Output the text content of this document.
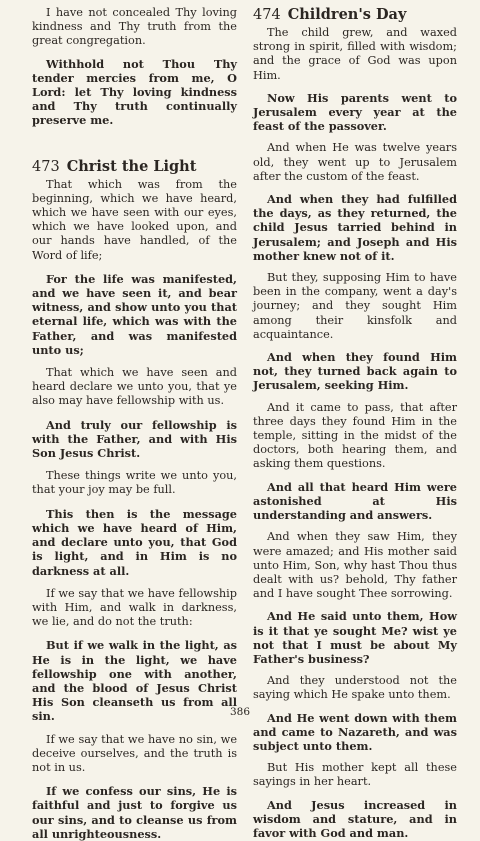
I have not concealed Thy loving kindness and Thy truth from the great congregation.

Withhold not Thou Thy tender mercies from me, O Lord: let Thy loving kindness and Thy truth continually preserve me.

473 Christ the Light

That which was from the beginning, which we have heard, which we have seen with our eyes, which we have looked upon, and our hands have handled, of the Word of life;

For the life was manifested, and we have seen it, and bear witness, and show unto you that eternal life, which was with the Father, and was manifested unto us;

That which we have seen and heard declare we unto you, that ye also may have fellowship with us.

And truly our fellowship is with the Father, and with His Son Jesus Christ.

These things write we unto you, that your joy may be full.

This then is the message which we have heard of Him, and declare unto you, that God is light, and in Him is no darkness at all.

If we say that we have fellowship with Him, and walk in darkness, we lie, and do not the truth:

But if we walk in the light, as He is in the light, we have fellowship one with another, and the blood of Jesus Christ His Son cleanseth us from all sin.

If we say that we have no sin, we deceive ourselves, and the truth is not in us.

If we confess our sins, He is faithful and just to forgive us our sins, and to cleanse us from all unrighteousness.

474 Children's Day

The child grew, and waxed strong in spirit, filled with wisdom; and the grace of God was upon Him.

Now His parents went to Jerusalem every year at the feast of the passover.

And when He was twelve years old, they went up to Jerusalem after the custom of the feast.

And when they had fulfilled the days, as they returned, the child Jesus tarried behind in Jerusalem; and Joseph and His mother knew not of it.

But they, supposing Him to have been in the company, went a day's journey; and they sought Him among their kinsfolk and acquaintance.

And when they found Him not, they turned back again to Jerusalem, seeking Him.

And it came to pass, that after three days they found Him in the temple, sitting in the midst of the doctors, both hearing them, and asking them questions.

And all that heard Him were astonished at His understanding and answers.

And when they saw Him, they were amazed; and His mother said unto Him, Son, why hast Thou thus dealt with us? behold, Thy father and I have sought Thee sorrowing.

And He said unto them, How is it that ye sought Me? wist ye not that I must be about My Father's business?

And they understood not the saying which He spake unto them.

And He went down with them and came to Nazareth, and was subject unto them.

But His mother kept all these sayings in her heart.

And Jesus increased in wisdom and stature, and in favor with God and man.

386
